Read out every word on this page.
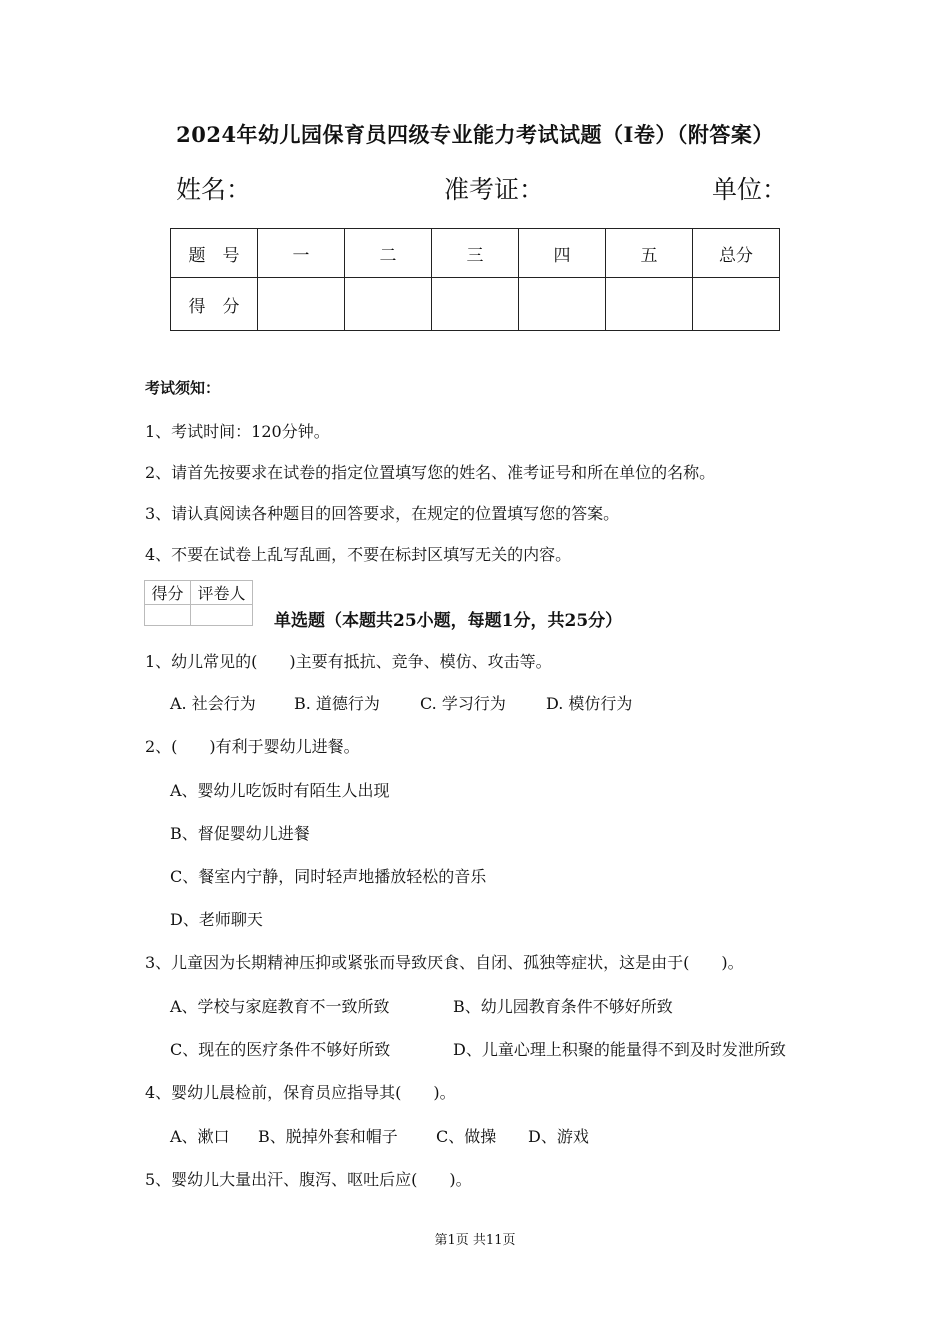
2024年幼儿园保育员四级专业能力考试试题（I卷）（附答案）
姓名：	准考证：	单位：
题　号	一	二	三	四	五	总分
得　分						
考试须知：
1、考试时间：120分钟。
2、请首先按要求在试卷的指定位置填写您的姓名、准考证号和所在单位的名称。
3、请认真阅读各种题目的回答要求，在规定的位置填写您的答案。
4、不要在试卷上乱写乱画，不要在标封区填写无关的内容。
得分	评卷人

单选题（本题共25小题，每题1分，共25分）
1、幼儿常见的(　　)主要有抵抗、竞争、模仿、攻击等。
A. 社会行为 B. 道德行为	C. 学习行为	D. 模仿行为
2、(　　)有利于婴幼儿进餐。
A、婴幼儿吃饭时有陌生人出现
B、督促婴幼儿进餐
C、餐室内宁静，同时轻声地播放轻松的音乐
D、老师聊天
3、儿童因为长期精神压抑或紧张而导致厌食、自闭、孤独等症状，这是由于(　　)。
A、学校与家庭教育不一致所致	B、幼儿园教育条件不够好所致
C、现在的医疗条件不够好所致	D、儿童心理上积聚的能量得不到及时发泄所致
4、婴幼儿晨检前，保育员应指导其(　　)。
A、漱口 B、脱掉外套和帽子 C、做操 D、游戏
5、婴幼儿大量出汗、腹泻、呕吐后应(　　)。
第1页 共11页
